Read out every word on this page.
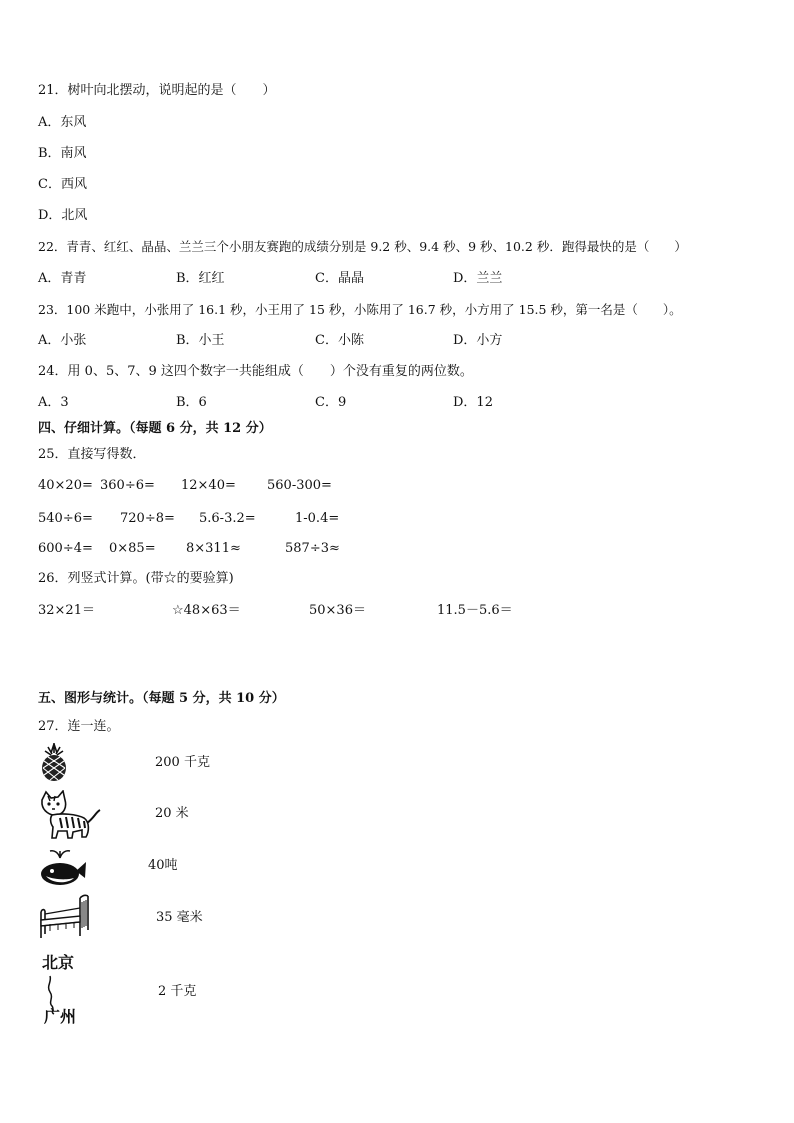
21．树叶向北摆动，说明起的是（　　）
A．东风
B．南风
C．西风
D．北风
22．青青、红红、晶晶、兰兰三个小朋友赛跑的成绩分别是 9.2 秒、9.4 秒、9 秒、10.2 秒．跑得最快的是（　　）
A．青青	B．红红	C．晶晶	D．兰兰
23．100 米跑中，小张用了 16.1 秒，小王用了 15 秒，小陈用了 16.7 秒，小方用了 15.5 秒，第一名是（　　）。
A．小张	B．小王	C．小陈	D．小方
24．用 0、5、7、9 这四个数字一共能组成（　　）个没有重复的两位数。
A．3	B．6	C．9	D．12
四、仔细计算。（每题 6 分，共 12 分）
25．直接写得数．
40×20= 360÷6= 12×40= 560-300=
540÷6= 720÷8= 5.6-3.2=	1-0.4=
600÷4= 0×85= 8×311≈	587÷3≈
26．列竖式计算。(带☆的要验算)
32×21＝	☆48×63＝	50×36＝	11.5－5.6＝
五、图形与统计。（每题 5 分，共 10 分）
27．连一连。
200 千克
20 米
40吨
35 毫米
北京
广州
2 千克
